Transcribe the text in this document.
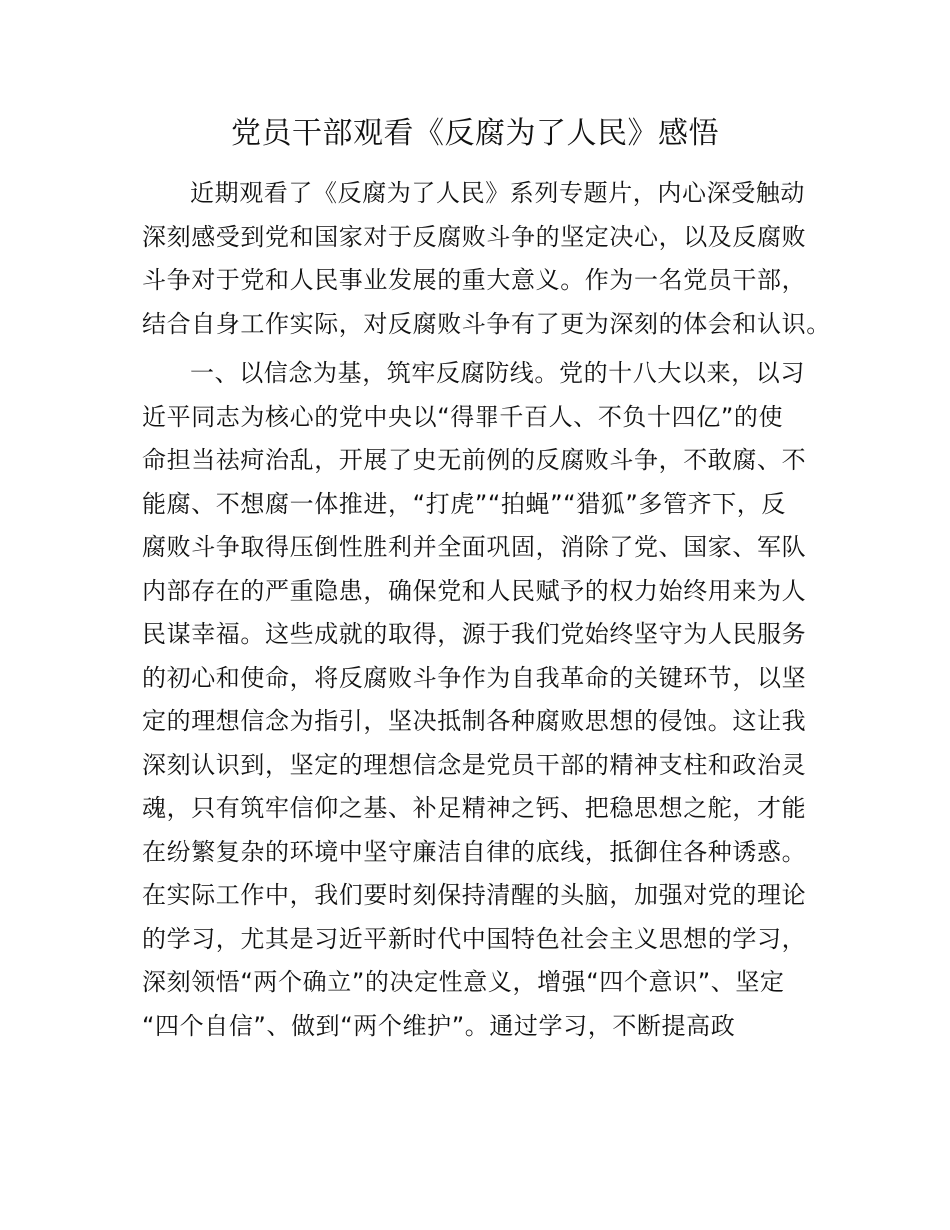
党员干部观看《反腐为了人民》感悟
近期观看了《反腐为了人民》系列专题片，内心深受触动
深刻感受到党和国家对于反腐败斗争的坚定决心，以及反腐败
斗争对于党和人民事业发展的重大意义。作为一名党员干部，
结合自身工作实际，对反腐败斗争有了更为深刻的体会和认识。
一、以信念为基，筑牢反腐防线。党的十八大以来，以习
近平同志为核心的党中央以“得罪千百人、不负十四亿”的使
命担当祛疴治乱，开展了史无前例的反腐败斗争，不敢腐、不
能腐、不想腐一体推进，“打虎”“拍蝇”“猎狐”多管齐下，反
腐败斗争取得压倒性胜利并全面巩固，消除了党、国家、军队
内部存在的严重隐患，确保党和人民赋予的权力始终用来为人
民谋幸福。这些成就的取得，源于我们党始终坚守为人民服务
的初心和使命，将反腐败斗争作为自我革命的关键环节，以坚
定的理想信念为指引，坚决抵制各种腐败思想的侵蚀。这让我
深刻认识到，坚定的理想信念是党员干部的精神支柱和政治灵
魂，只有筑牢信仰之基、补足精神之钙、把稳思想之舵，才能
在纷繁复杂的环境中坚守廉洁自律的底线，抵御住各种诱惑。
在实际工作中，我们要时刻保持清醒的头脑，加强对党的理论
的学习，尤其是习近平新时代中国特色社会主义思想的学习，
深刻领悟“两个确立”的决定性意义，增强“四个意识”、坚定
“四个自信”、做到“两个维护”。通过学习，不断提高政
